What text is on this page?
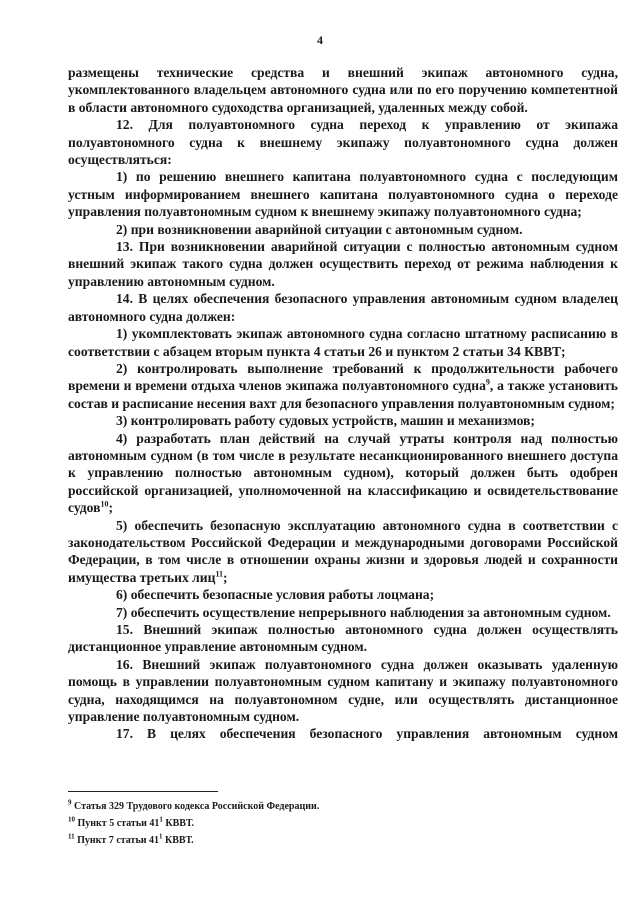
4

размещены технические средства и внешний экипаж автономного судна, укомплектованного владельцем автономного судна или по его поручению компетентной в области автономного судоходства организацией, удаленных между собой.

12. Для полуавтономного судна переход к управлению от экипажа полуавтономного судна к внешнему экипажу полуавтономного судна должен осуществляться:

1) по решению внешнего капитана полуавтономного судна с последующим устным информированием внешнего капитана полуавтономного судна о переходе управления полуавтономным судном к внешнему экипажу полуавтономного судна;

2) при возникновении аварийной ситуации с автономным судном.

13. При возникновении аварийной ситуации с полностью автономным судном внешний экипаж такого судна должен осуществить переход от режима наблюдения к управлению автономным судном.

14. В целях обеспечения безопасного управления автономным судном владелец автономного судна должен:

1) укомплектовать экипаж автономного судна согласно штатному расписанию в соответствии с абзацем вторым пункта 4 статьи 26 и пунктом 2 статьи 34 КВВТ;

2) контролировать выполнение требований к продолжительности рабочего времени и времени отдыха членов экипажа полуавтономного судна$^9$, а также установить состав и расписание несения вахт для безопасного управления полуавтономным судном;

3) контролировать работу судовых устройств, машин и механизмов;

4) разработать план действий на случай утраты контроля над полностью автономным судном (в том числе в результате несанкционированного внешнего доступа к управлению полностью автономным судном), который должен быть одобрен российской организацией, уполномоченной на классификацию и освидетельствование судов$^{10}$;

5) обеспечить безопасную эксплуатацию автономного судна в соответствии с законодательством Российской Федерации и международными договорами Российской Федерации, в том числе в отношении охраны жизни и здоровья людей и сохранности имущества третьих лиц$^{11}$;

6) обеспечить безопасные условия работы лоцмана;

7) обеспечить осуществление непрерывного наблюдения за автономным судном.

15. Внешний экипаж полностью автономного судна должен осуществлять дистанционное управление автономным судном.

16. Внешний экипаж полуавтономного судна должен оказывать удаленную помощь в управлении полуавтономным судном капитану и экипажу полуавтономного судна, находящимся на полуавтономном судне, или осуществлять дистанционное управление полуавтономным судном.

17. В целях обеспечения безопасного управления автономным судном

$^9$ Статья 329 Трудового кодекса Российской Федерации.
$^{10}$ Пункт 5 статьи $41^1$ КВВТ.
$^{11}$ Пункт 7 статьи $41^1$ КВВТ.
